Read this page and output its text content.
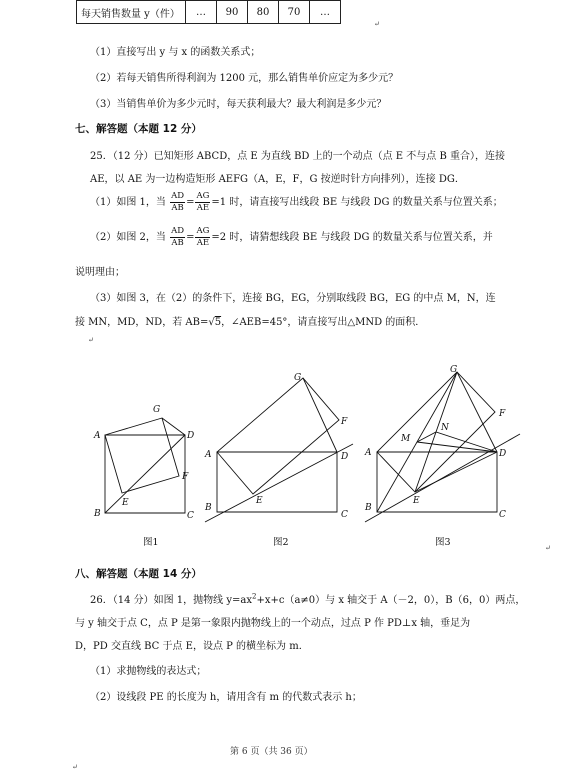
每天销售数量 y（件）	…	90	80	70	…
↵
（1）直接写出 y 与 x 的函数关系式；
（2）若每天销售所得利润为 1200 元，那么销售单价应定为多少元？
（3）当销售单价为多少元时，每天获利最大？最大利润是多少元？
七、解答题（本题 12 分）
25．（12 分）已知矩形 ABCD，点 E 为直线 BD 上的一个动点（点 E 不与点 B 重合），连接
AE，以 AE 为一边构造矩形 AEFG（A，E，F，G 按逆时针方向排列），连接 DG．
（1）如图 1，当 $\frac{AD}{AB} = \frac{AG}{AE} =1$ 时，请直接写出线段 BE 与线段 DG 的数量关系与位置关系；
（2）如图 2，当 $\frac{AD}{AB} = \frac{AG}{AE} =2$ 时，请猜想线段 BE 与线段 DG 的数量关系与位置关系，并
说明理由；
（3）如图 3，在（2）的条件下，连接 BG，EG，分别取线段 BG，EG 的中点 M，N，连
接 MN，MD，ND，若 AB=√5，∠AEB=45°，请直接写出△MND 的面积．
↵
A
B	C
D
E
F
G
图1
A
B
C
D
E
F
G
图2
A
B
C
D
E
F
G
M
N
图3	↵
八、解答题（本题 14 分）
26．（14 分）如图 1，抛物线 $y=ax^2+x+c(a\ne 0)$与 x 轴交于 A（－2，0），B（6，0）两点，
与 y 轴交于点 C，点 P 是第一象限内抛物线上的一个动点，过点 P 作 PD⊥x 轴，垂足为
D，PD 交直线 BC 于点 E，设点 P 的横坐标为 m．
（1）求抛物线的表达式；
（2）设线段 PE 的长度为 h，请用含有 m 的代数式表示 h；
第 6 页（共 36 页）
↵
